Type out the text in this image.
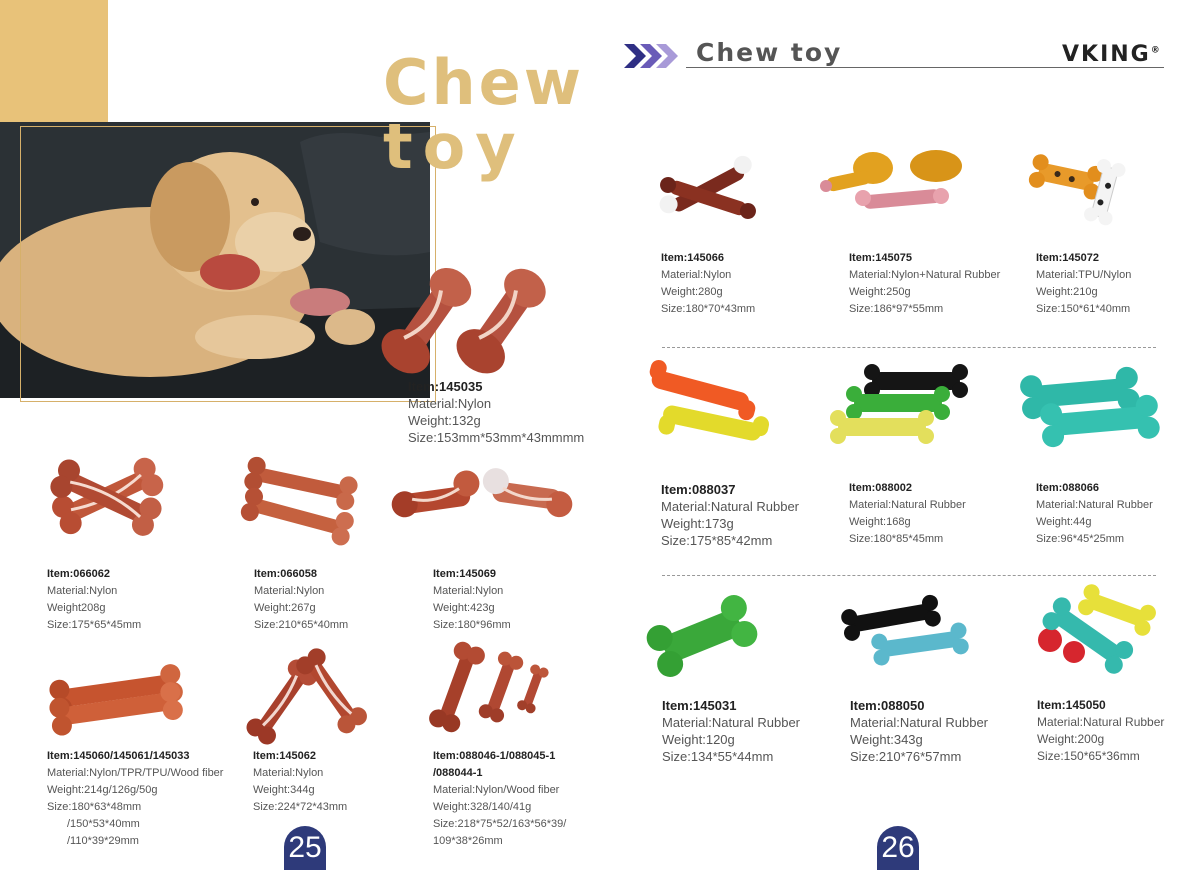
Chew
toy
Item:145035
Material:Nylon
Weight:132g
Size:153mm*53mm*43mmmm
Item:066062
Material:Nylon
Weight208g
Size:175*65*45mm
Item:066058
Material:Nylon
Weight:267g
Size:210*65*40mm
Item:145069
Material:Nylon
Weight:423g
Size:180*96mm
Item:145060/145061/145033
Material:Nylon/TPR/TPU/Wood fiber
Weight:214g/126g/50g
Size:180*63*48mm
/150*53*40mm
/110*39*29mm
Item:145062
Material:Nylon
Weight:344g
Size:224*72*43mm
Item:088046-1/088045-1
/088044-1
Material:Nylon/Wood fiber
Weight:328/140/41g
Size:218*75*52/163*56*39/
109*38*26mm
25
Chew toy	VKING®
Item:145066
Material:Nylon
Weight:280g
Size:180*70*43mm
Item:145075
Material:Nylon+Natural Rubber
Weight:250g
Size:186*97*55mm
Item:145072
Material:TPU/Nylon
Weight:210g
Size:150*61*40mm
Item:088037
Material:Natural Rubber
Weight:173g
Size:175*85*42mm
Item:088002
Material:Natural Rubber
Weight:168g
Size:180*85*45mm
Item:088066
Material:Natural Rubber
Weight:44g
Size:96*45*25mm
Item:145031
Material:Natural Rubber
Weight:120g
Size:134*55*44mm
Item:088050
Material:Natural Rubber
Weight:343g
Size:210*76*57mm
Item:145050
Material:Natural Rubber
Weight:200g
Size:150*65*36mm
26
